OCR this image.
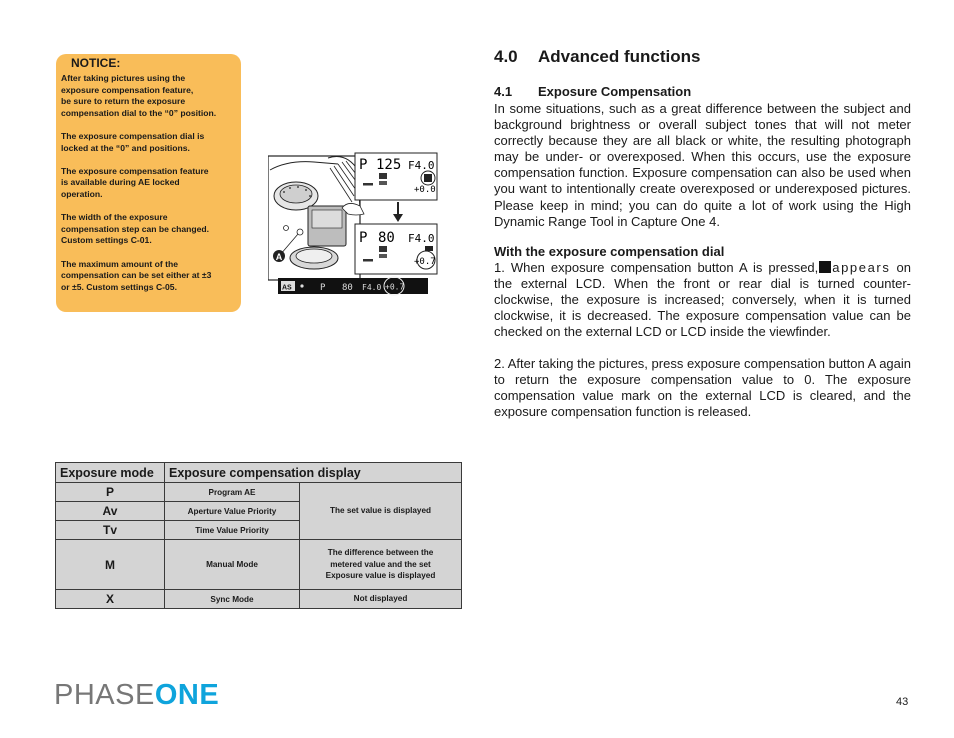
NOTICE:

After taking pictures using the
exposure compensation feature,
be sure to return the exposure
compensation dial to the “0” position.

The exposure compensation dial is
locked at the “0” and positions.

The exposure compensation feature
is available during AE locked
operation.

The width of the exposure
compensation step can be changed.
Custom settings C-01.

The maximum amount of the
compensation can be set either at ±3
or ±5. Custom settings C-05.

A
P 125 F4.0
+0.0
P 80 F4.0
+0.7
AS	P 80 F4.0 +0.7
4.0 Advanced functions
4.1 Exposure Compensation

In some situations, such as a great difference between the subject and background brightness or overall subject tones that will not meter correctly because they are all black or white, the resulting photograph may be under- or overexposed. When this occurs, use the exposure compensation function. Exposure compensation can also be used when you want to intentionally create overexposed or underexposed pictures. Please keep in mind; you can do quite a lot of work using the High Dynamic Range Tool in Capture One 4.

With the exposure compensation dial

1. When exposure compensation button A is pressed, appears on the external LCD. When the front or rear dial is turned counter-clockwise, the exposure is increased; conversely, when it is turned clockwise, it is decreased. The exposure compensation value can be checked on the external LCD or LCD inside the viewfinder.

2. After taking the pictures, press exposure compensation button A again to return the exposure compensation value to 0. The exposure compensation value mark on the external LCD is cleared, and the exposure compensation function is released.

Exposure mode	Exposure compensation display	
P	Program AE	The set value is displayed
Av	Aperture Value Priority	
Tv	Time Value Priority	
M	Manual Mode	The difference between the
metered value and the set
Exposure value is displayed
X	Sync Mode	Not displayed
PHASEONE	43
